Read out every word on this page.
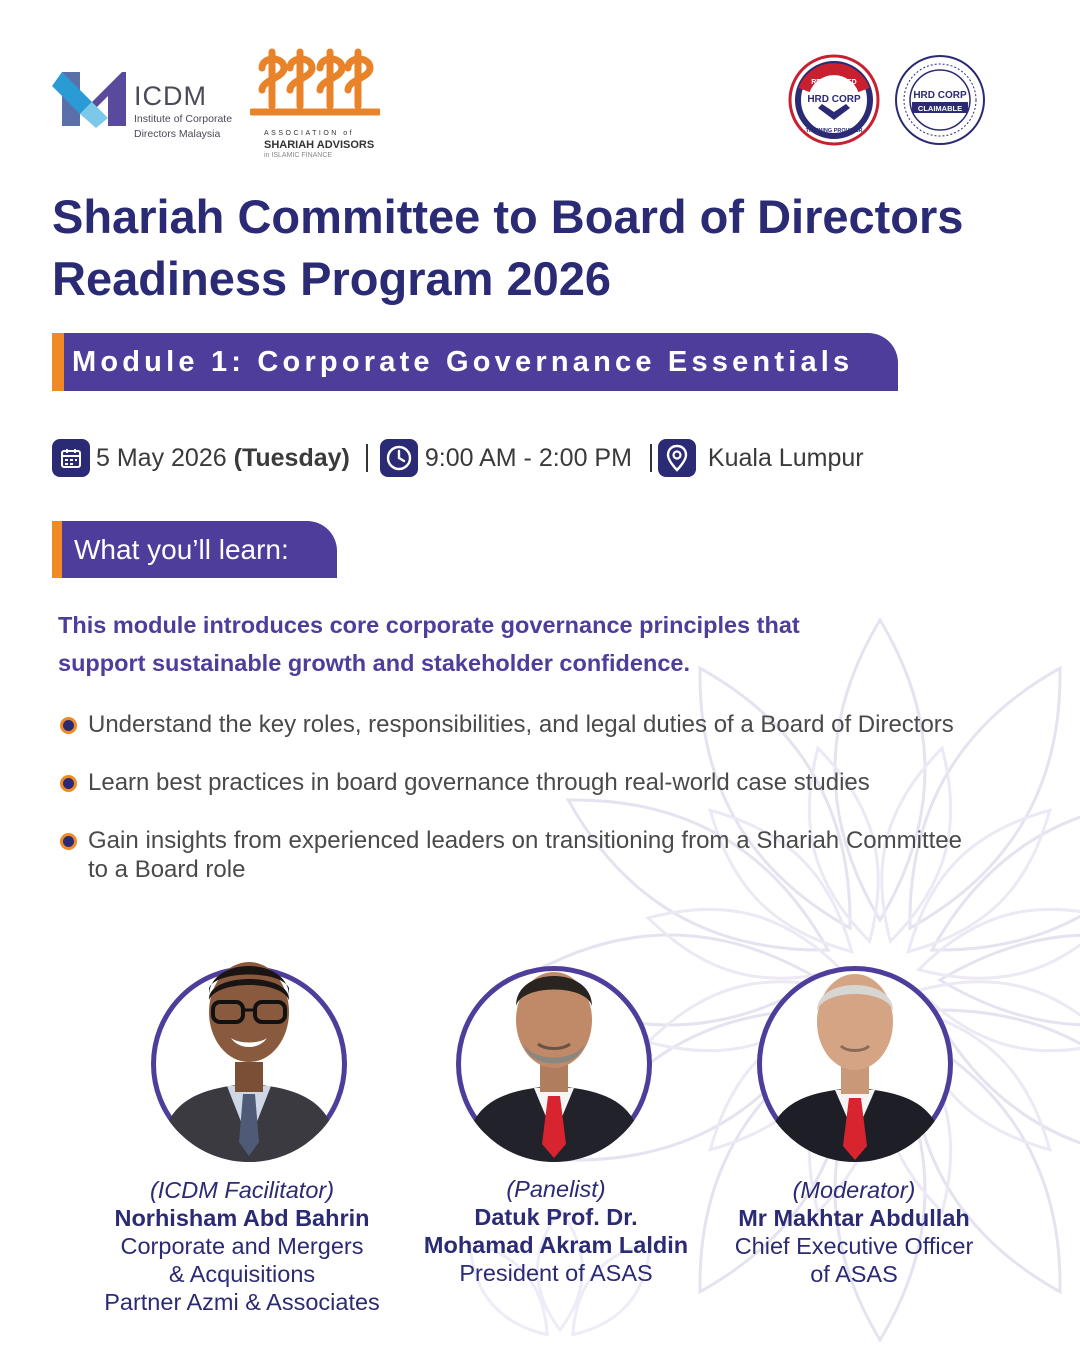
ICDM
Institute of Corporate
Directors Malaysia	ASSOCIATION of
SHARIAH ADVISORS
in ISLAMIC FINANCE
HRD CORP
REGISTERED
TRAINING PROVIDER
HRD CORP
CLAIMABLE
Shariah Committee to Board of Directors
Readiness Program 2026
Module 1: Corporate Governance Essentials
5 May 2026 (Tuesday)	9:00 AM - 2:00 PM	Kuala Lumpur
What you’ll learn:
This module introduces core corporate governance principles that
support sustainable growth and stakeholder confidence.
Understand the key roles, responsibilities, and legal duties of a Board of Directors
Learn best practices in board governance through real-world case studies
Gain insights from experienced leaders on transitioning from a Shariah Committee to a Board role
(ICDM Facilitator)
Norhisham Abd Bahrin
Corporate and Mergers
& Acquisitions
Partner Azmi & Associates
(Panelist)
Datuk Prof. Dr.
Mohamad Akram Laldin
President of ASAS
(Moderator)
Mr Makhtar Abdullah
Chief Executive Officer
of ASAS
